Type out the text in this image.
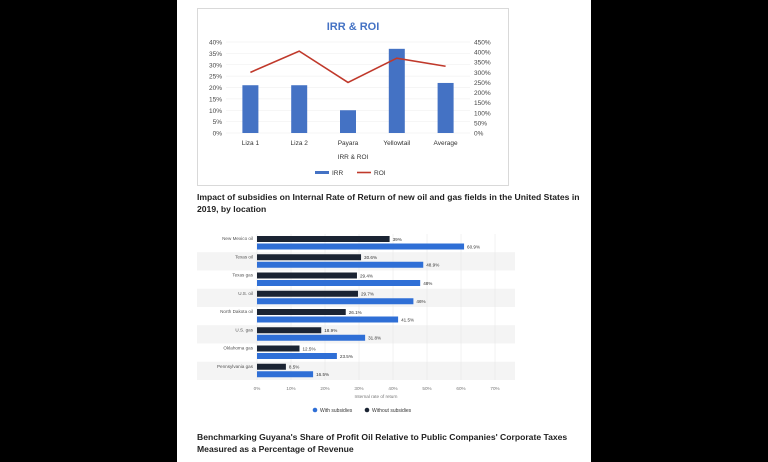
IRR & ROI
0%
5%
10%
15%
20%
25%
30%
35%
40%
0%
50%
100%
150%
200%
250%
300%
350%
400%
450%
Liza 1	Liza 2	Payara	Yellowtail	Average
IRR & ROI
IRR	ROI
Impact of subsidies on Internal Rate of Return of new oil and gas fields in the United States in 2019, by location
0%	10%	20%	30%	40%	50%	60%	70%
New Mexico oil	39%
60.9%
Texas oil	30.6%
48.9%
Texas gas	29.4%
48%
U.S. oil	29.7%
46%
North Dakota oil	26.1%
41.5%
U.S. gas	18.9%
31.8%
Oklahoma gas	12.5%
23.5%
Pennsylvania gas	8.5%
16.5%
Internal rate of return
With subsidies	Without subsidies
Benchmarking Guyana's Share of Profit Oil Relative to Public Companies' Corporate Taxes Measured as a Percentage of Revenue
